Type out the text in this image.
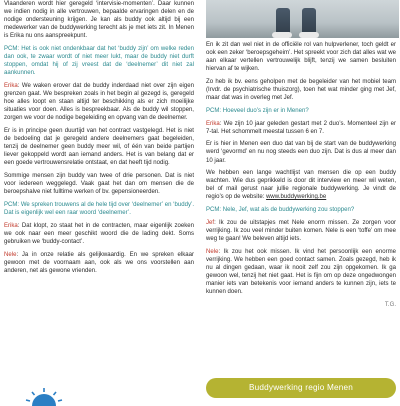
Vlaanderen wordt hier geregeld ‘intervisie-momenten’. Daar kunnen we indien nodig in alle vertrouwen, bepaalde ervaringen delen en de nodige ondersteuning krijgen. Je kan als buddy ook altijd bij een medewerker van de buddywerking terecht als je met iets zit. In Menen is Erika nu ons aanspreekpunt.

PCM: Het is ook niet ondenkbaar dat het ‘buddy zijn’ om welke reden dan ook, te zwaar wordt of niet meer lukt, maar de buddy niet durft stoppen, omdat hij of zij vreest dat de ‘deelnemer’ dit niet zal aankunnen.

Erika: We waken erover dat de buddy inderdaad niet over zijn eigen grenzen gaat. We bespreken zoals in het begin al gezegd is, geregeld hoe alles loopt en staan altijd ter beschikking als er zich moeilijke situaties voor doen. Alles is bespreekbaar. Als de buddy wil stoppen, zorgen we voor de nodige begeleiding en opvang van de deelnemer.

Er is in principe geen duurtijd van het contract vastgelegd. Het is niet de bedoeling dat je geregeld andere deelnemers gaat begeleiden, tenzij de deelnemer geen buddy meer wil, of één van beide partijen liever gekoppeld wordt aan iemand anders. Het is van belang dat er een goede vertrouwensrelatie ontstaat, en dat heeft tijd nodig.

Sommige mensen zijn buddy van twee of drie personen. Dat is niet voor iedereen weggelegd. Vaak gaat het dan om mensen die de beroepshalve niet fulltime werken of bv. gepensioneerden.

PCM: We spreken trouwens al de hele tijd over ‘deelnemer’ en ‘buddy’. Dat is eigenlijk wel een raar woord ‘deelnemer’.

Erika: Dat klopt, zo staat het in de contracten, maar eigenlijk zoeken we ook naar een meer geschikt woord die de lading dekt. Soms gebruiken we ‘buddy-contact’.

Nele: Ja in onze relatie als gelijkwaardig. En we spreken elkaar gewoon met de voornaam aan, ook als we ons voorstellen aan anderen, net als gewone vrienden.

En ik zit dan wel niet in de officiële rol van hulpverlener, toch geldt er ook een zeker ‘beroepsgeheim’. Het spreekt voor zich dat alles wat we aan elkaar vertellen vertrouwelijk blijft, tenzij we samen besluiten hiervan af te wijken.

Zo heb ik bv. eens geholpen met de begeleider van het mobiel team (Irvdr. de psychiatrische thuiszorg), toen het wat minder ging met Jef, maar dat was in overleg met Jef.

PCM: Hoeveel duo’s zijn er in Menen?

Erika: We zijn 10 jaar geleden gestart met 2 duo’s. Momenteel zijn er 7-tal. Het schommelt meestal tussen 6 en 7.

Er is hier in Menen een duo dat van bij de start van de buddywerking werd ‘gevormd’ en nu nog steeds een duo zijn. Dat is dus al meer dan 10 jaar.

We hebben een lange wachtlijst van mensen die op een buddy wachten. Wie dus geprikkeld is door dit interview en meer wil weten, bel of mail gerust naar jullie regionale buddywerking. Je vindt de regio’s op de website: www.buddywerking.be

PCM: Nele, Jef, wat als de buddywerking zou stoppen?

Jef: Ik zou de uitstapjes met Nele enorm missen. Ze zorgen voor verrijking. Ik zou veel minder buiten komen. Nele is een ‘toffe’ om mee weg te gaan! We beleven altijd iets.

Nele: Ik zou het ook missen. Ik vind het persoonlijk een enorme verrijking. We hebben een goed contact samen. Zoals gezegd, heb ik nu al dingen gedaan, waar ik nooit zelf zou zijn opgekomen. Ik ga gewoon wel, tenzij het niet gaat. Het is fijn om op deze ongedwongen manier iets van betekenis voor iemand anders te kunnen zijn, iets te kunnen doen.

T.G.
Buddywerking regio Menen
